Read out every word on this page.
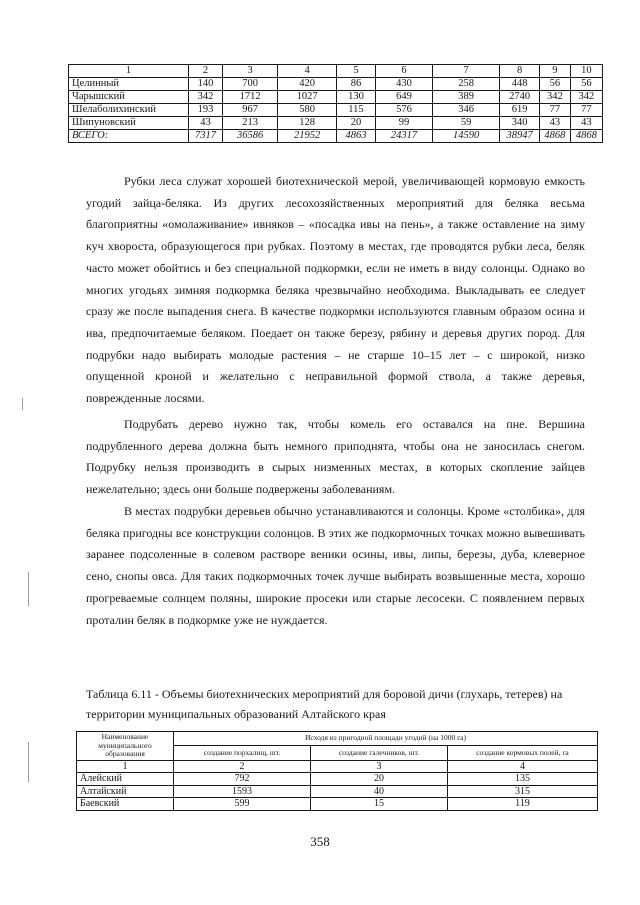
1	2	3	4	5	6	7	8	9	10
Целинный	140	700	420	86	430	258	448	56	56
Чарышский	342	1712	1027	130	649	389	2740	342	342
Шелаболихинский	193	967	580	115	576	346	619	77	77
Шипуновский	43	213	128	20	99	59	340	43	43
ВСЕГО:	7317	36586	21952	4863	24317	14590	38947	4868	4868

Рубки леса служат хорошей биотехнической мерой, увеличивающей кормовую емкость угодий зайца-беляка. Из других лесохозяйственных мероприятий для беляка весьма благоприятны «омолаживание» ивняков – «посадка ивы на пень», а также оставление на зиму куч хвороста, образующегося при рубках. Поэтому в местах, где проводятся рубки леса, беляк часто может обойтись и без специальной подкормки, если не иметь в виду солонцы. Однако во многих угодьях зимняя подкормка беляка чрезвычайно необходима. Выкладывать ее следует сразу же после выпадения снега. В качестве подкормки используются главным образом осина и ива, предпочитаемые беляком. Поедает он также березу, рябину и деревья других пород. Для подрубки надо выбирать молодые растения – не старше 10–15 лет – с широкой, низко опущенной кроной и желательно с неправильной формой ствола, а также деревья, поврежденные лосями.

Подрубать дерево нужно так, чтобы комель его оставался на пне. Вершина подрубленного дерева должна быть немного приподнята, чтобы она не заносилась снегом. Подрубку нельзя производить в сырых низменных местах, в которых скопление зайцев нежелательно; здесь они больше подвержены заболеваниям.

В местах подрубки деревьев обычно устанавливаются и солонцы. Кроме «столбика», для беляка пригодны все конструкции солонцов. В этих же подкормочных точках можно вывешивать заранее подсоленные в солевом растворе веники осины, ивы, липы, березы, дуба, клеверное сено, снопы овса. Для таких подкормочных точек лучше выбирать возвышенные места, хорошо прогреваемые солнцем поляны, широкие просеки или старые лесосеки. С появлением первых проталин беляк в подкормке уже не нуждается.

Таблица 6.11 - Объемы биотехнических мероприятий для боровой дичи (глухарь, тетерев) на территории муниципальных образований Алтайского края

Наименование муниципального образования	Исходя из пригодной площади угодий (на 1000 га)		
	создание порхалищ, шт.	создание галечников, шт.	создание кормовых полей, га
1	2	3	4
Алейский	792	20	135
Алтайский	1593	40	315
Баевский	599	15	119
358
